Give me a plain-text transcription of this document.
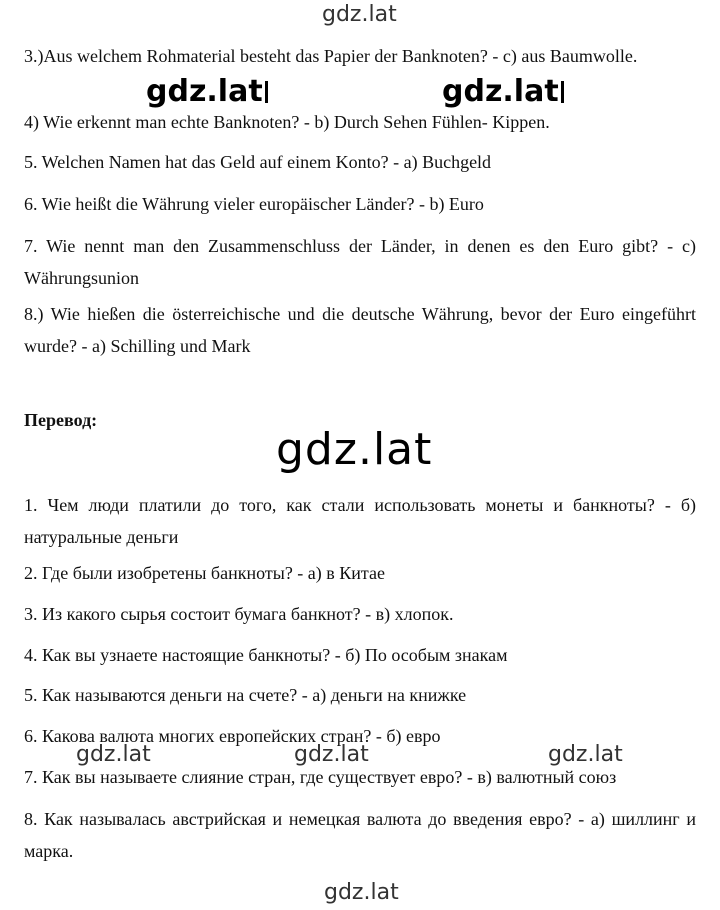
gdz.lat

3.)Aus welchem Rohmaterial besteht das Papier der Banknoten? - c) aus Baumwolle.

gdz.lat	gdz.lat

4) Wie erkennt man echte Banknoten? - b) Durch Sehen Fühlen- Kippen.

5. Welchen Namen hat das Geld auf einem Konto? - a) Buchgeld

6. Wie heißt die Währung vieler europäischer Länder? - b) Euro

7. Wie nennt man den Zusammenschluss der Länder, in denen es den Euro gibt? - c) Währungsunion

8.) Wie hießen die österreichische und die deutsche Währung, bevor der Euro eingeführt wurde? - a) Schilling und Mark

Перевод:

gdz.lat

1. Чем люди платили до того, как стали использовать монеты и банкноты? - б) натуральные деньги

2. Где были изобретены банкноты? - а) в Китае

3. Из какого сырья состоит бумага банкнот? - в) хлопок.

4. Как вы узнаете настоящие банкноты? - б) По особым знакам

5. Как называются деньги на счете? - а) деньги на книжке

6. Какова валюта многих европейских стран? - б) евро

gdz.lat	gdz.lat	gdz.lat

7. Как вы называете слияние стран, где существует евро? - в) валютный союз

8. Как называлась австрийская и немецкая валюта до введения евро? - а) шиллинг и марка.

gdz.lat
